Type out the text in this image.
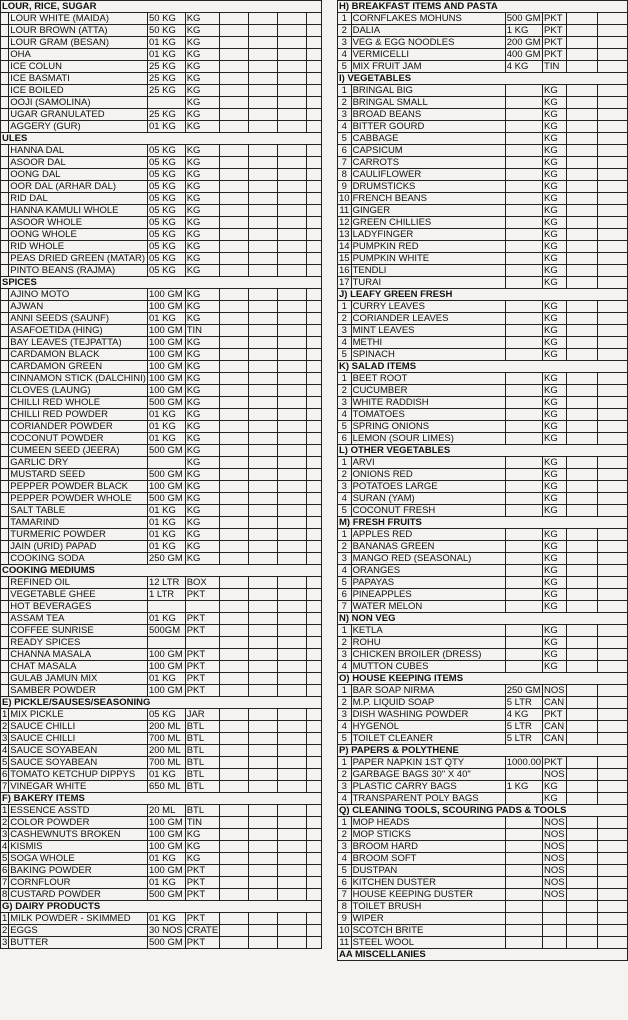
LOUR, RICE, SUGAR							
	LOUR WHITE (MAIDA)	50 KG	KG				
	LOUR BROWN (ATTA)	50 KG	KG				
	LOUR GRAM (BESAN)	01 KG	KG				
	OHA	01 KG	KG				
	ICE COLUN	25 KG	KG				
	ICE BASMATI	25 KG	KG				
	ICE BOILED	25 KG	KG				
	OOJI (SAMOLINA)		KG				
	UGAR GRANULATED	25 KG	KG				
	AGGERY (GUR)	01 KG	KG				
ULES							
	HANNA DAL	05 KG	KG				
	ASOOR DAL	05 KG	KG				
	OONG DAL	05 KG	KG				
	OOR DAL (ARHAR DAL)	05 KG	KG				
	RID DAL	05 KG	KG				
	HANNA KAMULI WHOLE	05 KG	KG				
	ASOOR WHOLE	05 KG	KG				
	OONG WHOLE	05 KG	KG				
	RID WHOLE	05 KG	KG				
	PEAS DRIED GREEN (MATAR)	05 KG	KG				
	PINTO BEANS (RAJMA)	05 KG	KG				
SPICES							
	AJINO MOTO	100 GM	KG				
	AJWAN	100 GM	KG				
	ANNI SEEDS (SAUNF)	01 KG	KG				
	ASAFOETIDA (HING)	100 GM	TIN				
	BAY LEAVES (TEJPATTA)	100 GM	KG				
	CARDAMON BLACK	100 GM	KG				
	CARDAMON GREEN	100 GM	KG				
	CINNAMON STICK (DALCHINI)	100 GM	KG				
	CLOVES (LAUNG)	100 GM	KG				
	CHILLI RED WHOLE	500 GM	KG				
	CHILLI RED POWDER	01 KG	KG				
	CORIANDER POWDER	01 KG	KG				
	COCONUT POWDER	01 KG	KG				
	CUMEEN SEED (JEERA)	500 GM	KG				
	GARLIC DRY		KG				
	MUSTARD SEED	500 GM	KG				
	PEPPER POWDER BLACK	100 GM	KG				
	PEPPER POWDER WHOLE	500 GM	KG				
	SALT TABLE	01 KG	KG				
	TAMARIND	01 KG	KG				
	TURMERIC POWDER	01 KG	KG				
	JAIN (URID) PAPAD	01 KG	KG				
	COOKING SODA	250 GM	KG				
COOKING MEDIUMS							
	REFINED OIL	12 LTR	BOX				
	VEGETABLE GHEE	1 LTR	PKT				
	HOT BEVERAGES						
	ASSAM TEA	01 KG	PKT				
	COFFEE SUNRISE	500GM	PKT				
	READY SPICES						
	CHANNA MASALA	100 GM	PKT				
	CHAT MASALA	100 GM	PKT				
	GULAB JAMUN MIX	01 KG	PKT				
	SAMBER POWDER	100 GM	PKT				
E) PICKLE/SAUSES/SEASONING							
1	MIX PICKLE	05 KG	JAR				
2	SAUCE CHILLI	200 ML	BTL				
3	SAUCE CHILLI	700 ML	BTL				
4	SAUCE SOYABEAN	200 ML	BTL				
5	SAUCE SOYABEAN	700 ML	BTL				
6	TOMATO KETCHUP DIPPYS	01 KG	BTL				
7	VINEGAR WHITE	650 ML	BTL				
F) BAKERY ITEMS							
1	ESSENCE ASSTD	20 ML	BTL				
2	COLOR POWDER	100 GM	TIN				
3	CASHEWNUTS BROKEN	100 GM	KG				
4	KISMIS	100 GM	KG				
5	SOGA WHOLE	01 KG	KG				
6	BAKING POWDER	100 GM	PKT				
7	CORNFLOUR	01 KG	PKT				
8	CUSTARD POWDER	500 GM	PKT				
G) DAIRY PRODUCTS							
1	MILK POWDER - SKIMMED	01 KG	PKT				
2	EGGS	30 NOS	CRATE				
3	BUTTER	500 GM	PKT				
H) BREAKFAST ITEMS AND PASTA					
1	CORNFLAKES MOHUNS	500 GM	PKT		
2	DALIA	1 KG	PKT		
3	VEG & EGG NOODLES	200 GM	PKT		
4	VERMICELLI	400 GM	PKT		
5	MIX FRUIT JAM	4 KG	TIN		
I) VEGETABLES					
1	BRINGAL BIG		KG		
2	BRINGAL SMALL		KG		
3	BROAD BEANS		KG		
4	BITTER GOURD		KG		
5	CABBAGE		KG		
6	CAPSICUM		KG		
7	CARROTS		KG		
8	CAULIFLOWER		KG		
9	DRUMSTICKS		KG		
10	FRENCH BEANS		KG		
11	GINGER		KG		
12	GREEN CHILLIES		KG		
13	LADYFINGER		KG		
14	PUMPKIN RED		KG		
15	PUMPKIN WHITE		KG		
16	TENDLI		KG		
17	TURAI		KG		
J) LEAFY GREEN FRESH					
1	CURRY LEAVES		KG		
2	CORIANDER LEAVES		KG		
3	MINT LEAVES		KG		
4	METHI		KG		
5	SPINACH		KG		
K) SALAD ITEMS					
1	BEET ROOT		KG		
2	CUCUMBER		KG		
3	WHITE RADDISH		KG		
4	TOMATOES		KG		
5	SPRING ONIONS		KG		
6	LEMON (SOUR LIMES)		KG		
L) OTHER VEGETABLES					
1	ARVI		KG		
2	ONIONS RED		KG		
3	POTATOES LARGE		KG		
4	SURAN (YAM)		KG		
5	COCONUT FRESH		KG		
M) FRESH FRUITS					
1	APPLES RED		KG		
2	BANANAS GREEN		KG		
3	MANGO RED (SEASONAL)		KG		
4	ORANGES		KG		
5	PAPAYAS		KG		
6	PINEAPPLES		KG		
7	WATER MELON		KG		
N) NON VEG					
1	KETLA		KG		
2	ROHU		KG		
3	CHICKEN BROILER (DRESS)		KG		
4	MUTTON CUBES		KG		
O) HOUSE KEEPING ITEMS					
1	BAR SOAP NIRMA	250 GM	NOS		
2	M.P. LIQUID SOAP	5 LTR	CAN		
3	DISH WASHING POWDER	4 KG	PKT		
4	HYGENOL	5 LTR	CAN		
5	TOILET CLEANER	5 LTR	CAN		
P) PAPERS & POLYTHENE					
1	PAPER NAPKIN 1ST QTY	1000.00	PKT		
2	GARBAGE BAGS 30" X 40"		NOS		
3	PLASTIC CARRY BAGS	1 KG	KG		
4	TRANSPARENT POLY BAGS		KG		
Q) CLEANING TOOLS, SCOURING PADS & TOOLS					
1	MOP HEADS		NOS		
2	MOP STICKS		NOS		
3	BROOM HARD		NOS		
4	BROOM SOFT		NOS		
5	DUSTPAN		NOS		
6	KITCHEN DUSTER		NOS		
7	HOUSE KEEPING DUSTER		NOS		
8	TOILET BRUSH				
9	WIPER				
10	SCOTCH BRITE				
11	STEEL WOOL				
AA MISCELLANIES					
